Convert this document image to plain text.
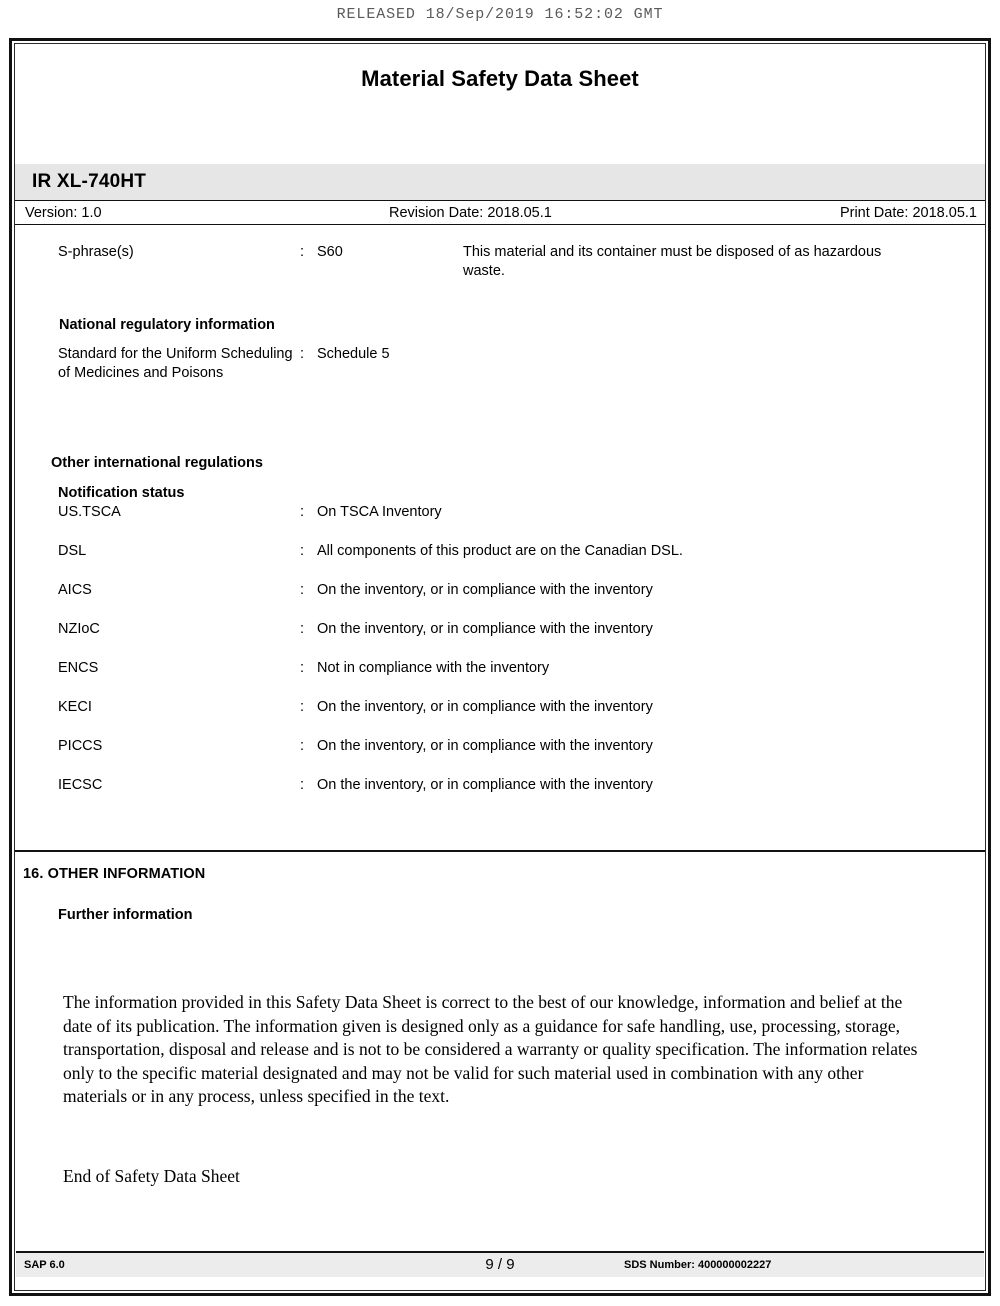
RELEASED 18/Sep/2019 16:52:02 GMT
Material Safety Data Sheet
IR XL-740HT
Version: 1.0	Revision Date: 2018.05.1	Print Date: 2018.05.1
S-phrase(s)	: S60	This material and its container must be disposed of as hazardous waste.
National regulatory information
Standard for the Uniform Scheduling of Medicines and Poisons
: Schedule 5
Other international regulations
Notification status
US.TSCA	: On TSCA Inventory
DSL	: All components of this product are on the Canadian DSL.
AICS	: On the inventory, or in compliance with the inventory
NZIoC	: On the inventory, or in compliance with the inventory
ENCS	: Not in compliance with the inventory
KECI	: On the inventory, or in compliance with the inventory
PICCS	: On the inventory, or in compliance with the inventory
IECSC	: On the inventory, or in compliance with the inventory
16. OTHER INFORMATION
Further information
The information provided in this Safety Data Sheet is correct to the best of our knowledge, information and belief at the date of its publication. The information given is designed only as a guidance for safe handling, use, processing, storage, transportation, disposal and release and is not to be considered a warranty or quality specification. The information relates only to the specific material designated and may not be valid for such material used in combination with any other materials or in any process, unless specified in the text.
End of Safety Data Sheet
SAP 6.0	9 / 9	SDS Number: 400000002227
